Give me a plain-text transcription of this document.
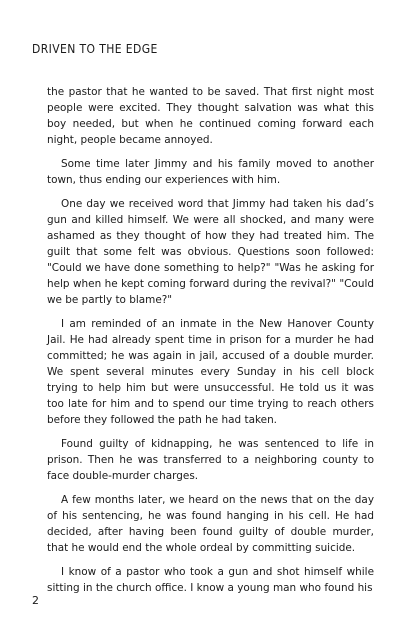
DRIVEN TO THE EDGE

the pastor that he wanted to be saved. That first night most people were excited. They thought salvation was what this boy needed, but when he continued coming forward each night, people became annoyed.

Some time later Jimmy and his family moved to another town, thus ending our experiences with him.

One day we received word that Jimmy had taken his dad’s gun and killed himself. We were all shocked, and many were ashamed as they thought of how they had treated him. The guilt that some felt was obvious. Questions soon followed: "Could we have done something to help?" "Was he asking for help when he kept coming forward during the revival?" "Could we be partly to blame?"

I am reminded of an inmate in the New Hanover County Jail. He had already spent time in prison for a murder he had committed; he was again in jail, accused of a double murder. We spent several minutes every Sunday in his cell block trying to help him but were unsuccessful. He told us it was too late for him and to spend our time trying to reach others before they followed the path he had taken.

Found guilty of kidnapping, he was sentenced to life in prison. Then he was transferred to a neighboring county to face double-murder charges.

A few months later, we heard on the news that on the day of his sentencing, he was found hanging in his cell. He had decided, after having been found guilty of double murder, that he would end the whole ordeal by committing suicide.

I know of a pastor who took a gun and shot himself while sitting in the church office. I know a young man who found his

2
